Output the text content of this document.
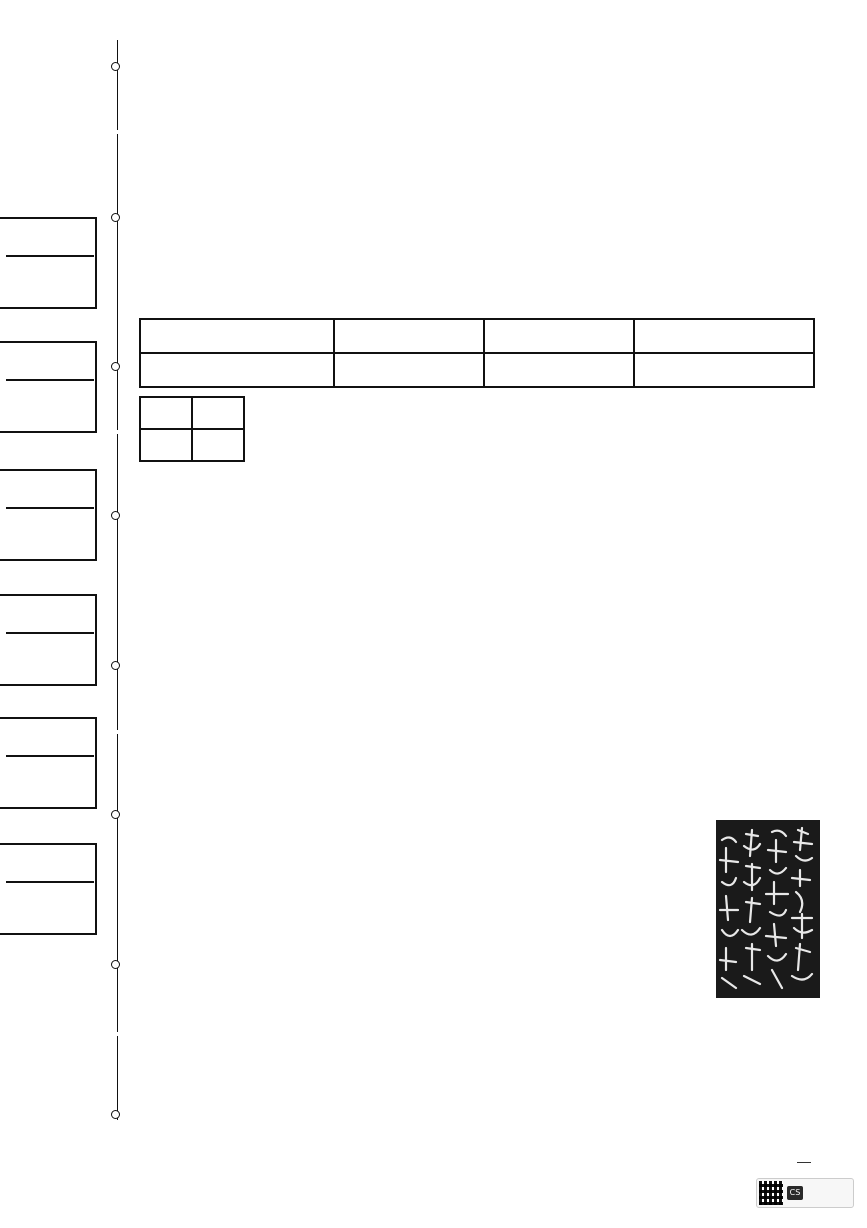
CS
